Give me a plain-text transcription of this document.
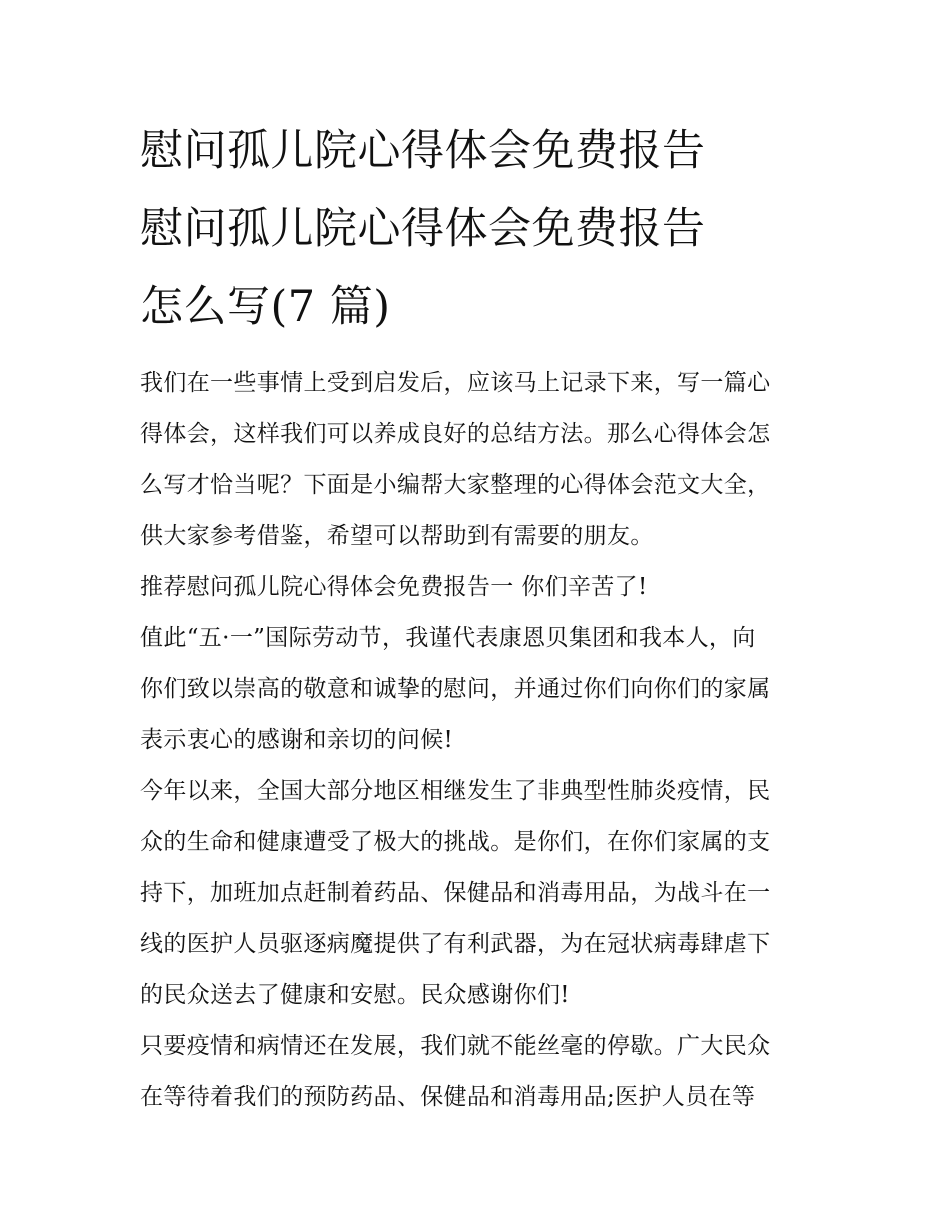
慰问孤儿院心得体会免费报告
慰问孤儿院心得体会免费报告
怎么写(7 篇)

我们在一些事情上受到启发后，应该马上记录下来，写一篇心
得体会，这样我们可以养成良好的总结方法。那么心得体会怎
么写才恰当呢？下面是小编帮大家整理的心得体会范文大全，
供大家参考借鉴，希望可以帮助到有需要的朋友。

推荐慰问孤儿院心得体会免费报告一 你们辛苦了!

值此“五·一”国际劳动节，我谨代表康恩贝集团和我本人，向
你们致以崇高的敬意和诚挚的慰问，并通过你们向你们的家属
表示衷心的感谢和亲切的问候!

今年以来，全国大部分地区相继发生了非典型性肺炎疫情，民
众的生命和健康遭受了极大的挑战。是你们，在你们家属的支
持下，加班加点赶制着药品、保健品和消毒用品，为战斗在一
线的医护人员驱逐病魔提供了有利武器，为在冠状病毒肆虐下
的民众送去了健康和安慰。民众感谢你们!

只要疫情和病情还在发展，我们就不能丝毫的停歇。广大民众
在等待着我们的预防药品、保健品和消毒用品;医护人员在等
